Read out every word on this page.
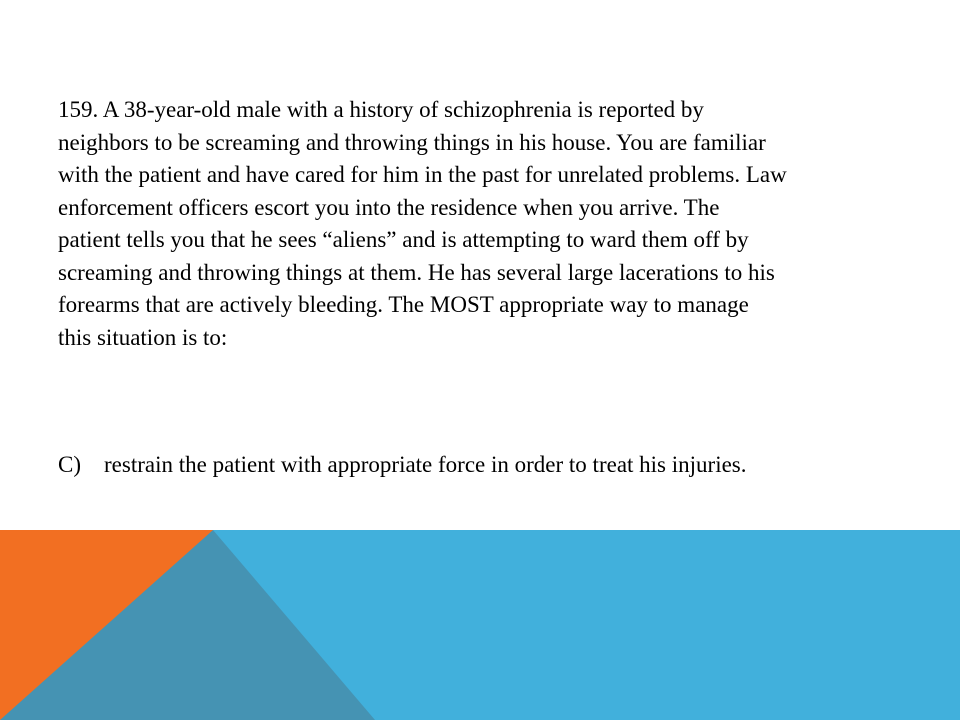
159. A 38-year-old male with a history of schizophrenia is reported by
neighbors to be screaming and throwing things in his house. You are familiar
with the patient and have cared for him in the past for unrelated problems. Law
enforcement officers escort you into the residence when you arrive. The
patient tells you that he sees “aliens” and is attempting to ward them off by
screaming and throwing things at them. He has several large lacerations to his
forearms that are actively bleeding. The MOST appropriate way to manage
this situation is to:
C) restrain the patient with appropriate force in order to treat his injuries.
